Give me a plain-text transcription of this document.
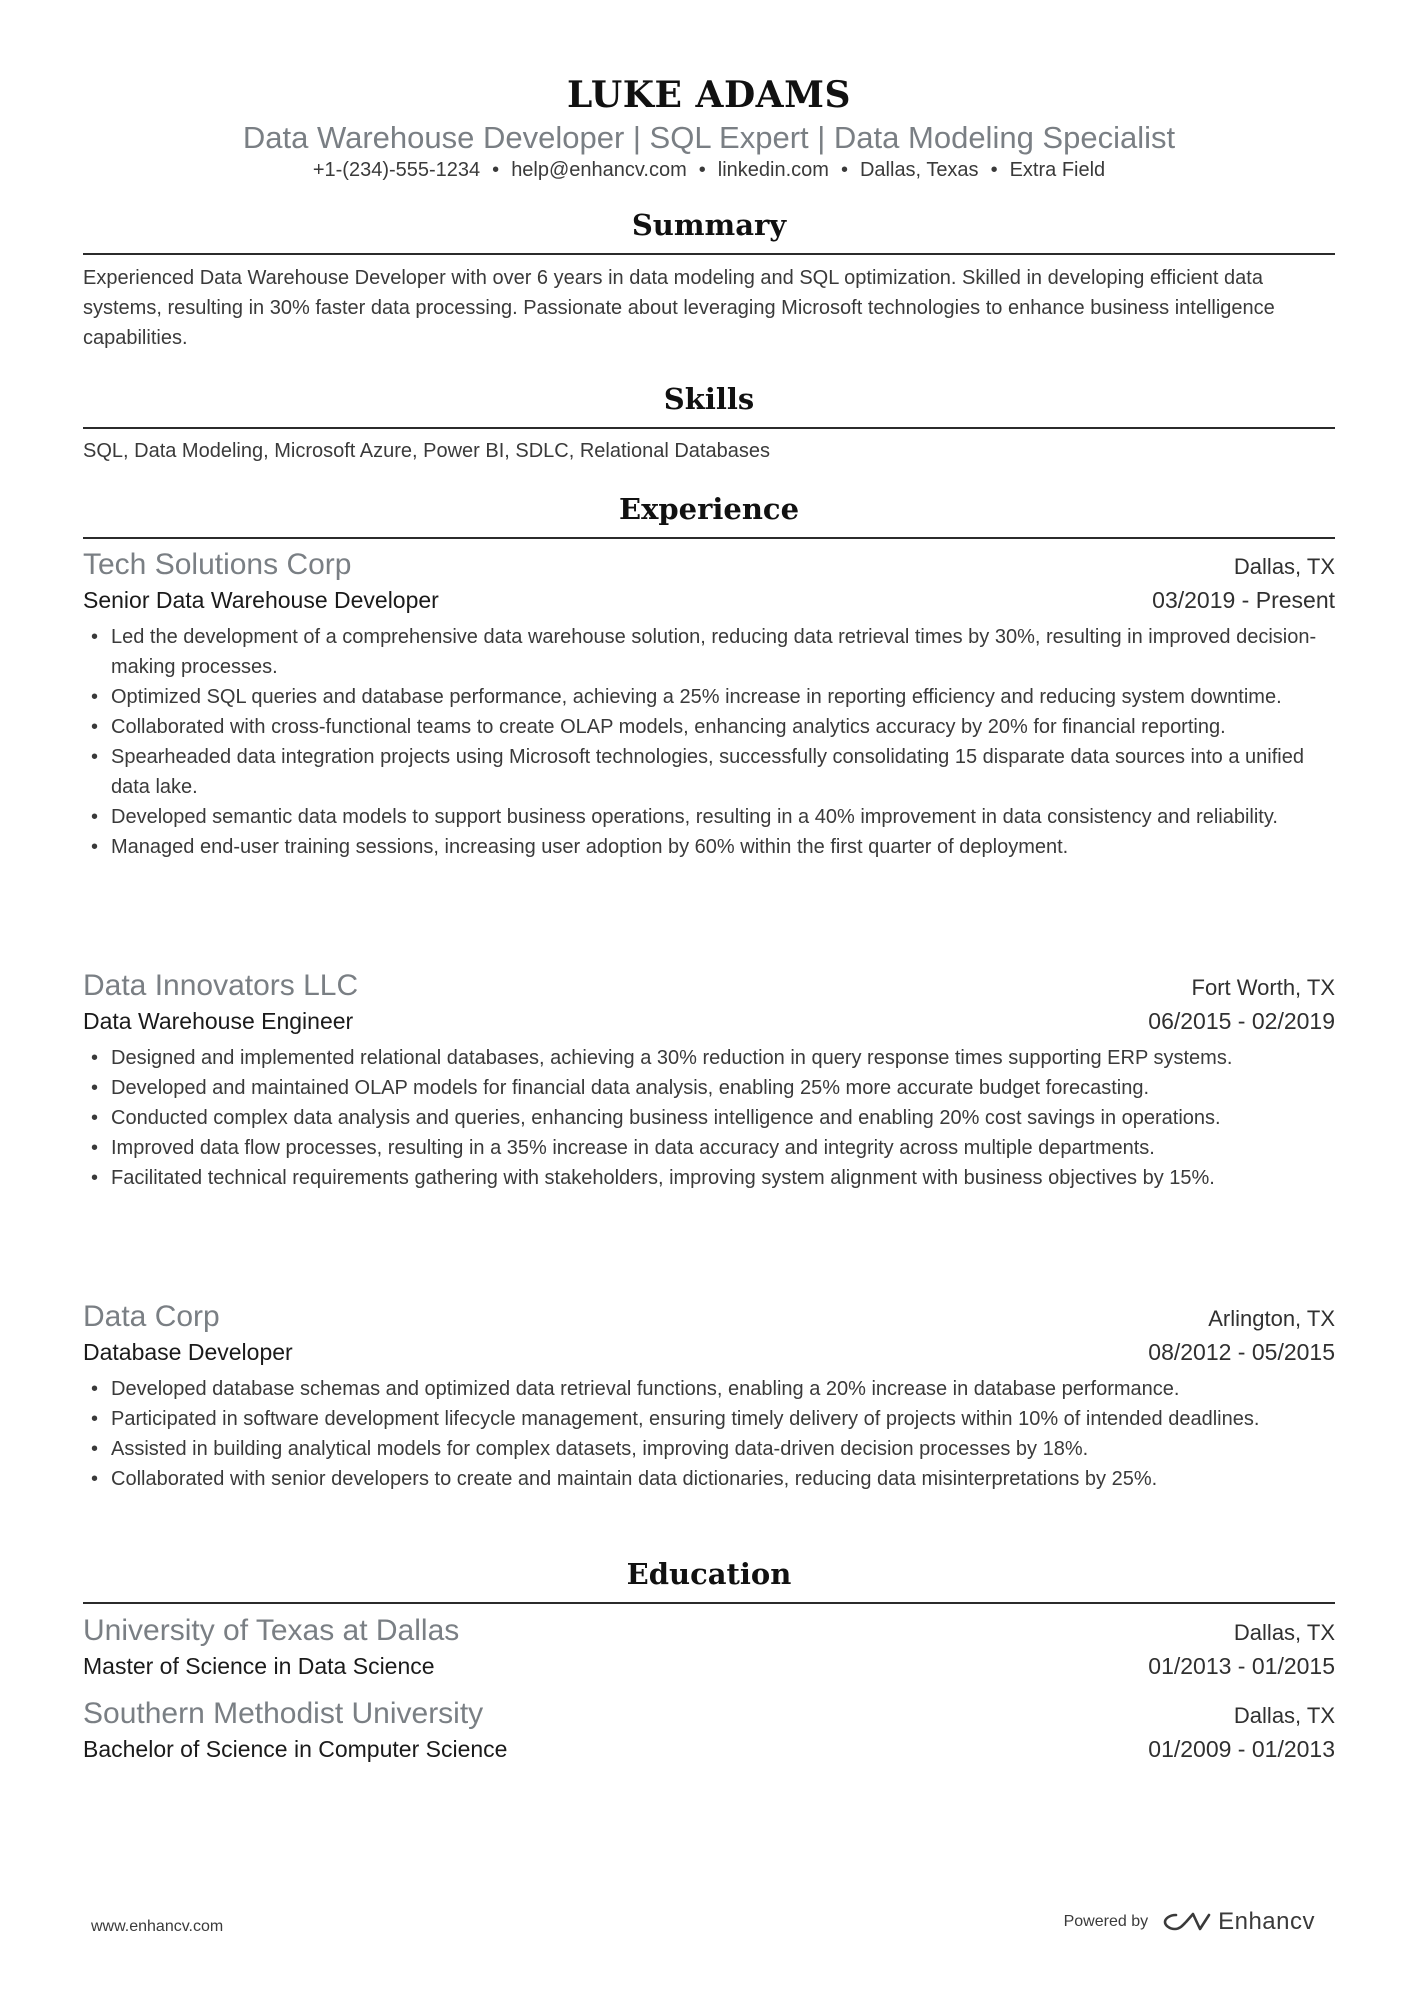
LUKE ADAMS
Data Warehouse Developer | SQL Expert | Data Modeling Specialist
+1-(234)-555-1234 • help@enhancv.com • linkedin.com • Dallas, Texas • Extra Field
Summary
Experienced Data Warehouse Developer with over 6 years in data modeling and SQL optimization. Skilled in developing efficient data systems, resulting in 30% faster data processing. Passionate about leveraging Microsoft technologies to enhance business intelligence capabilities.
Skills
SQL, Data Modeling, Microsoft Azure, Power BI, SDLC, Relational Databases
Experience
Tech Solutions Corp	Dallas, TX
Senior Data Warehouse Developer	03/2019 - Present
• Led the development of a comprehensive data warehouse solution, reducing data retrieval times by 30%, resulting in improved decision-making processes.
• Optimized SQL queries and database performance, achieving a 25% increase in reporting efficiency and reducing system downtime.
• Collaborated with cross-functional teams to create OLAP models, enhancing analytics accuracy by 20% for financial reporting.
• Spearheaded data integration projects using Microsoft technologies, successfully consolidating 15 disparate data sources into a unified data lake.
• Developed semantic data models to support business operations, resulting in a 40% improvement in data consistency and reliability.
• Managed end-user training sessions, increasing user adoption by 60% within the first quarter of deployment.
Data Innovators LLC	Fort Worth, TX
Data Warehouse Engineer	06/2015 - 02/2019
• Designed and implemented relational databases, achieving a 30% reduction in query response times supporting ERP systems.
• Developed and maintained OLAP models for financial data analysis, enabling 25% more accurate budget forecasting.
• Conducted complex data analysis and queries, enhancing business intelligence and enabling 20% cost savings in operations.
• Improved data flow processes, resulting in a 35% increase in data accuracy and integrity across multiple departments.
• Facilitated technical requirements gathering with stakeholders, improving system alignment with business objectives by 15%.
Data Corp	Arlington, TX
Database Developer	08/2012 - 05/2015
• Developed database schemas and optimized data retrieval functions, enabling a 20% increase in database performance.
• Participated in software development lifecycle management, ensuring timely delivery of projects within 10% of intended deadlines.
• Assisted in building analytical models for complex datasets, improving data-driven decision processes by 18%.
• Collaborated with senior developers to create and maintain data dictionaries, reducing data misinterpretations by 25%.
Education
University of Texas at Dallas	Dallas, TX
Master of Science in Data Science	01/2013 - 01/2015
Southern Methodist University	Dallas, TX
Bachelor of Science in Computer Science	01/2009 - 01/2013
www.enhancv.com	Powered by	Enhancv
